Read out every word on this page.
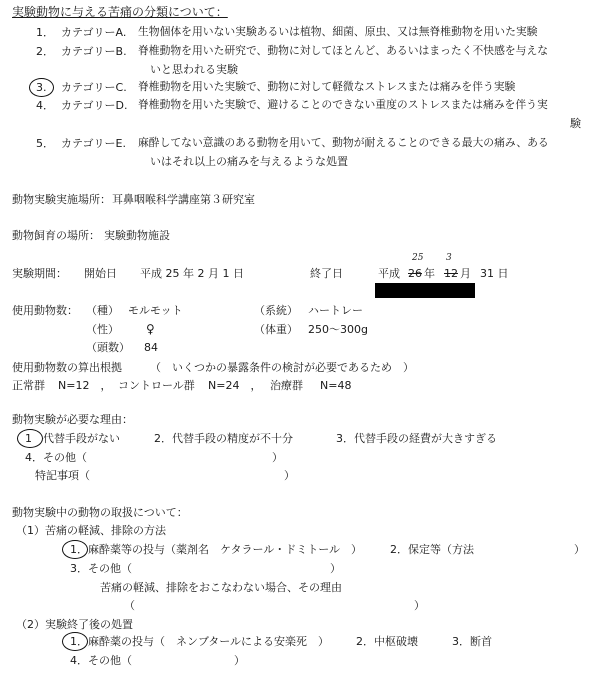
実験動物に与える苦痛の分類について：
1． カテゴリーA. 生物個体を用いない実験あるいは植物、細菌、原虫、又は無脊椎動物を用いた実験
2． カテゴリーB. 脊椎動物を用いた研究で、動物に対してほとんど、あるいはまったく不快感を与えな
いと思われる実験
3. カテゴリーC. 脊椎動物を用いた実験で、動物に対して軽微なストレスまたは痛みを伴う実験
4． カテゴリーD. 脊椎動物を用いた実験で、避けることのできない重度のストレスまたは痛みを伴う実
験
5． カテゴリーE. 麻酔してない意識のある動物を用いて、動物が耐えることのできる最大の痛み、ある
いはそれ以上の痛みを与えるような処置
動物実験実施場所： 耳鼻咽喉科学講座第３研究室
動物飼育の場所： 実験動物施設
実験期間： 開始日 平成 25 年 2 月 1 日	終了日	平成 26 年 12 月 31 日
25	3
使用動物数： （種） モルモット	（系統） ハートレー
（性） ♀	（体重） 250～300g
（頭数） 84
使用動物数の算出根拠	（　いくつかの暴露条件の検討が必要であるため　）
正常群 N=12　， コントロール群 N=24　， 治療群 N=48
動物実験が必要な理由：
1　代替手段がない	2．代替手段の精度が不十分	3．代替手段の経費が大きすぎる
4．その他（	）
特記事項（	）
動物実験中の動物の取扱について：
（1）苦痛の軽減、排除の方法
1．麻酔薬等の投与（薬剤名　ケタラール・ドミトール　）	2．保定等（方法	）
3．その他（	）
苦痛の軽減、排除をおこなわない場合、その理由
（	）
（2）実験終了後の処置
1．麻酔薬の投与（　ネンブタールによる安楽死　） 2．中枢破壊	3．断首
4．その他（	）
